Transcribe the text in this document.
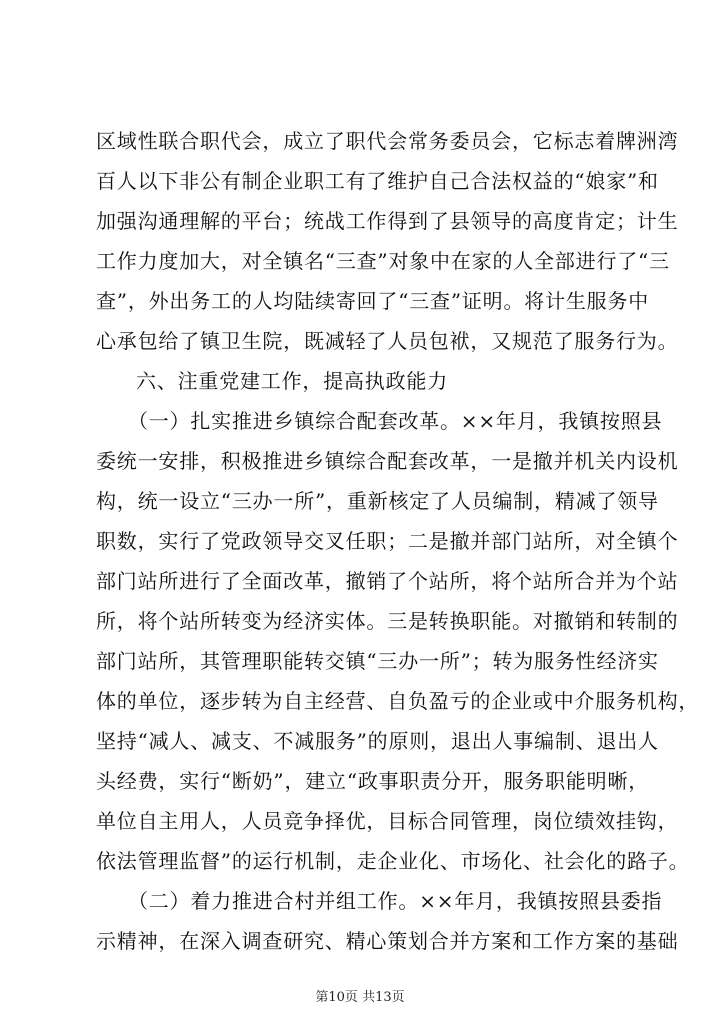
区域性联合职代会，成立了职代会常务委员会，它标志着牌洲湾
百人以下非公有制企业职工有了维护自己合法权益的“娘家”和
加强沟通理解的平台；统战工作得到了县领导的高度肯定；计生
工作力度加大，对全镇名“三查”对象中在家的人全部进行了“三
查”，外出务工的人均陆续寄回了“三查”证明。将计生服务中
心承包给了镇卫生院，既减轻了人员包袱，又规范了服务行为。
六、注重党建工作，提高执政能力
（一）扎实推进乡镇综合配套改革。××年月，我镇按照县
委统一安排，积极推进乡镇综合配套改革，一是撤并机关内设机
构，统一设立“三办一所”，重新核定了人员编制，精减了领导
职数，实行了党政领导交叉任职；二是撤并部门站所，对全镇个
部门站所进行了全面改革，撤销了个站所，将个站所合并为个站
所，将个站所转变为经济实体。三是转换职能。对撤销和转制的
部门站所，其管理职能转交镇“三办一所”；转为服务性经济实
体的单位，逐步转为自主经营、自负盈亏的企业或中介服务机构，
坚持“减人、减支、不减服务”的原则，退出人事编制、退出人
头经费，实行“断奶”，建立“政事职责分开，服务职能明晰，
单位自主用人，人员竞争择优，目标合同管理，岗位绩效挂钩，
依法管理监督”的运行机制，走企业化、市场化、社会化的路子。
（二）着力推进合村并组工作。××年月，我镇按照县委指
示精神，在深入调查研究、精心策划合并方案和工作方案的基础
第10页 共13页
